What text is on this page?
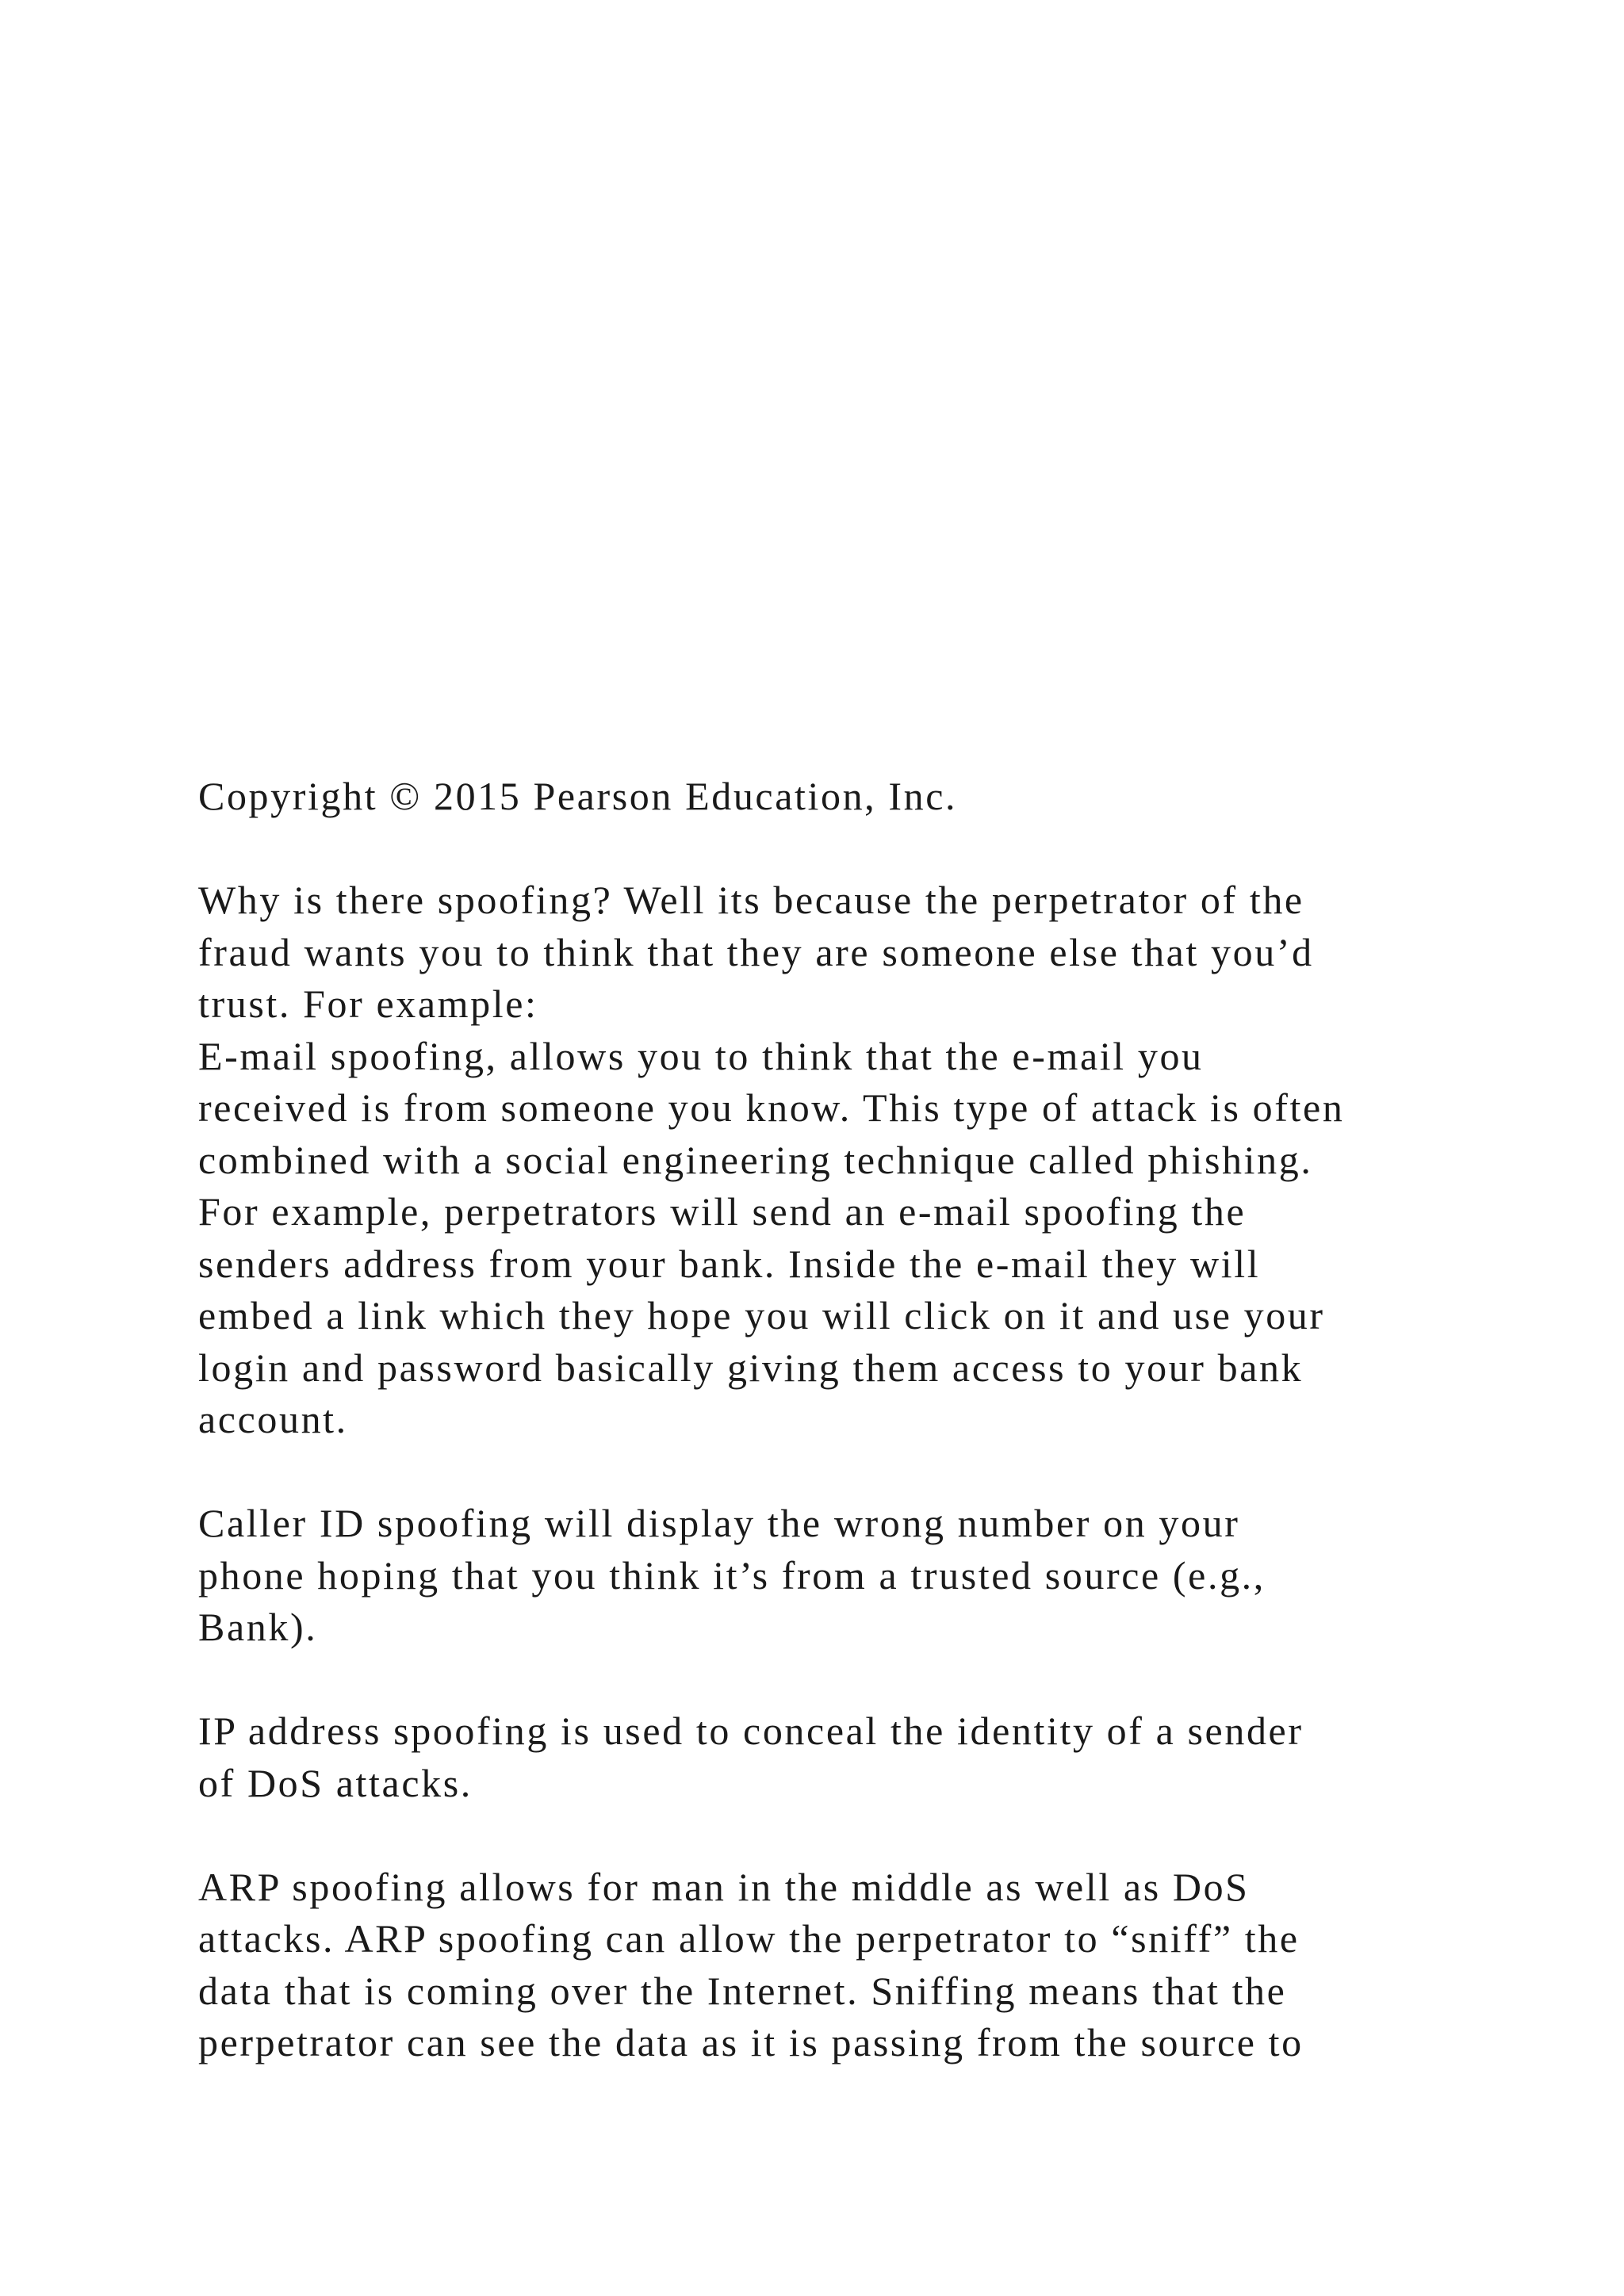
Copyright © 2015 Pearson Education, Inc.
Why is there spoofing? Well its because the perpetrator of the
fraud wants you to think that they are someone else that you’d
trust. For example:
E-mail spoofing, allows you to think that the e-mail you
received is from someone you know. This type of attack is often
combined with a social engineering technique called phishing.
For example, perpetrators will send an e-mail spoofing the
senders address from your bank. Inside the e-mail they will
embed a link which they hope you will click on it and use your
login and password basically giving them access to your bank
account.
Caller ID spoofing will display the wrong number on your
phone hoping that you think it’s from a trusted source (e.g.,
Bank).
IP address spoofing is used to conceal the identity of a sender
of DoS attacks.
ARP spoofing allows for man in the middle as well as DoS
attacks. ARP spoofing can allow the perpetrator to “sniff” the
data that is coming over the Internet. Sniffing means that the
perpetrator can see the data as it is passing from the source to
